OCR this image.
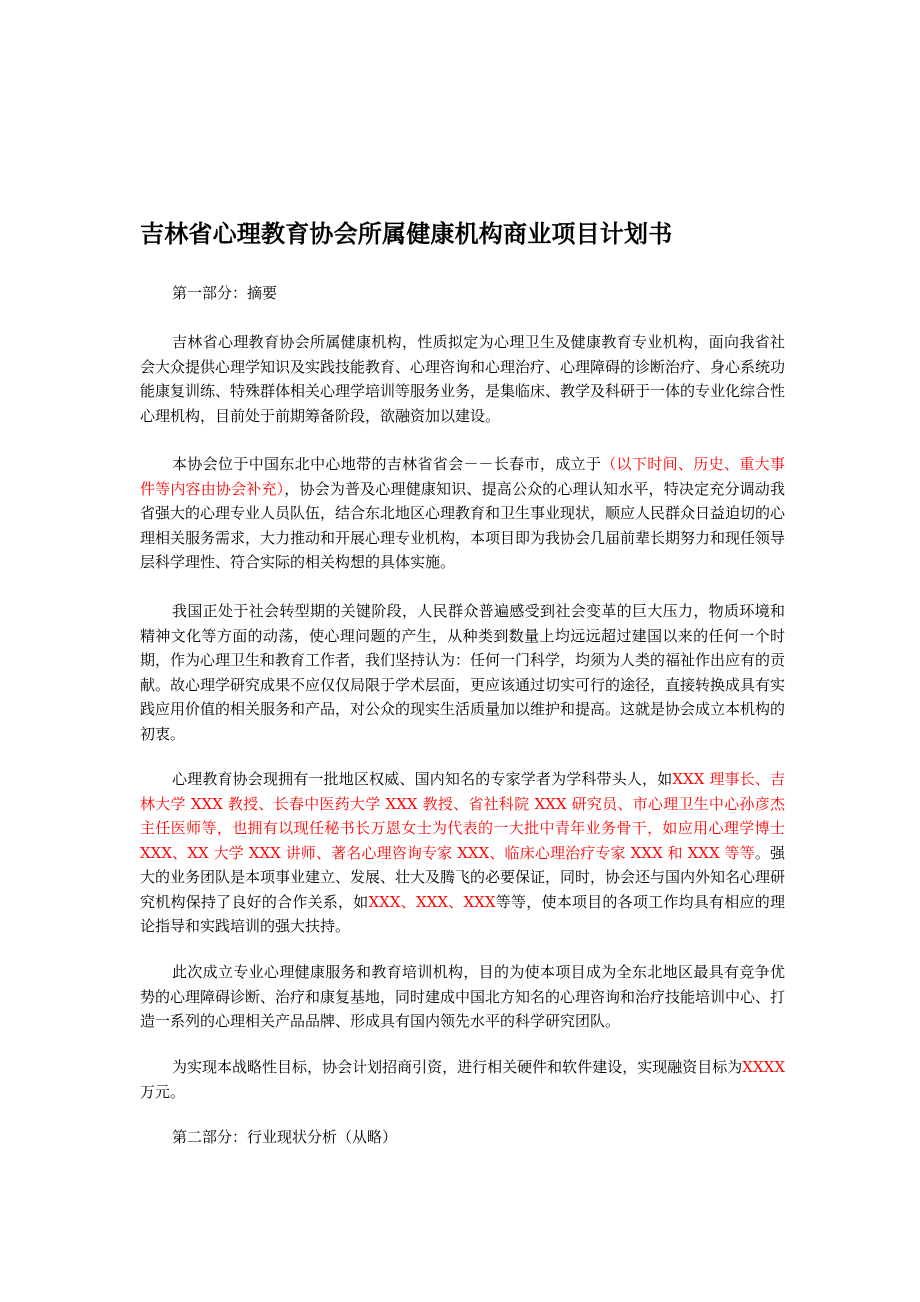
吉林省心理教育协会所属健康机构商业项目计划书

第一部分：摘要

吉林省心理教育协会所属健康机构，性质拟定为心理卫生及健康教育专业机构，面向我省社会大众提供心理学知识及实践技能教育、心理咨询和心理治疗、心理障碍的诊断治疗、身心系统功能康复训练、特殊群体相关心理学培训等服务业务，是集临床、教学及科研于一体的专业化综合性心理机构，目前处于前期筹备阶段，欲融资加以建设。

本协会位于中国东北中心地带的吉林省省会－－长春市，成立于（以下时间、历史、重大事件等内容由协会补充），协会为普及心理健康知识、提高公众的心理认知水平，特决定充分调动我省强大的心理专业人员队伍，结合东北地区心理教育和卫生事业现状，顺应人民群众日益迫切的心理相关服务需求，大力推动和开展心理专业机构，本项目即为我协会几届前辈长期努力和现任领导层科学理性、符合实际的相关构想的具体实施。

我国正处于社会转型期的关键阶段，人民群众普遍感受到社会变革的巨大压力，物质环境和精神文化等方面的动荡，使心理问题的产生，从种类到数量上均远远超过建国以来的任何一个时期，作为心理卫生和教育工作者，我们坚持认为：任何一门科学，均须为人类的福祉作出应有的贡献。故心理学研究成果不应仅仅局限于学术层面，更应该通过切实可行的途径，直接转换成具有实践应用价值的相关服务和产品，对公众的现实生活质量加以维护和提高。这就是协会成立本机构的初衷。

心理教育协会现拥有一批地区权威、国内知名的专家学者为学科带头人，如XXX 理事长、吉林大学 XXX 教授、长春中医药大学 XXX 教授、省社科院 XXX 研究员、市心理卫生中心孙彦杰主任医师等，也拥有以现任秘书长万恩女士为代表的一大批中青年业务骨干，如应用心理学博士 XXX、XX 大学 XXX 讲师、著名心理咨询专家 XXX、临床心理治疗专家 XXX 和 XXX 等等。强大的业务团队是本项事业建立、发展、壮大及腾飞的必要保证，同时，协会还与国内外知名心理研究机构保持了良好的合作关系，如XXX、XXX、XXX等等，使本项目的各项工作均具有相应的理论指导和实践培训的强大扶持。

此次成立专业心理健康服务和教育培训机构，目的为使本项目成为全东北地区最具有竞争优势的心理障碍诊断、治疗和康复基地，同时建成中国北方知名的心理咨询和治疗技能培训中心、打造一系列的心理相关产品品牌、形成具有国内领先水平的科学研究团队。

为实现本战略性目标，协会计划招商引资，进行相关硬件和软件建设，实现融资目标为XXXX万元。

第二部分：行业现状分析（从略）
